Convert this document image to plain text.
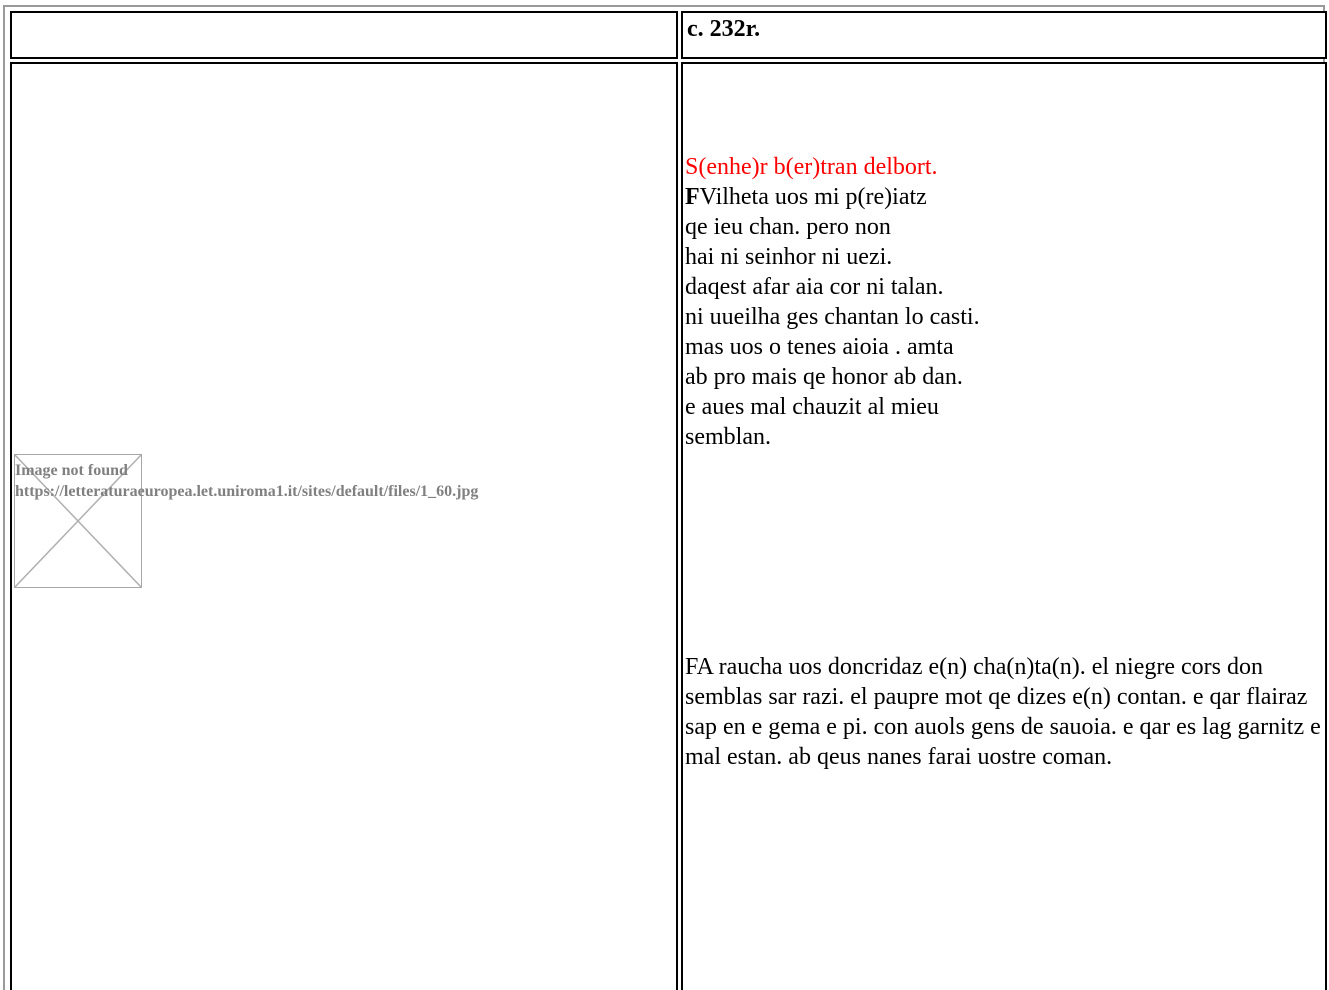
c. 232r.
Image not found
https://letteraturaeuropea.let.uniroma1.it/sites/default/files/1_60.jpg
S(enhe)r b(er)tran delbort.
FVilheta uos mi p(re)iatz
qe ieu chan. pero non
hai ni seinhor ni uezi.
daqest afar aia cor ni talan.
ni uueilha ges chantan lo casti.
mas uos o tenes aioia . amta
ab pro mais qe honor ab dan.
e aues mal chauzit al mieu
semblan.
FA raucha uos doncridaz e(n) cha(n)ta(n). el niegre cors don semblas sar razi. el paupre mot qe dizes e(n) contan. e qar flairaz sap en e gema e pi. con auols gens de sauoia. e qar es lag garnitz e mal estan. ab qeus nanes farai uostre coman.
